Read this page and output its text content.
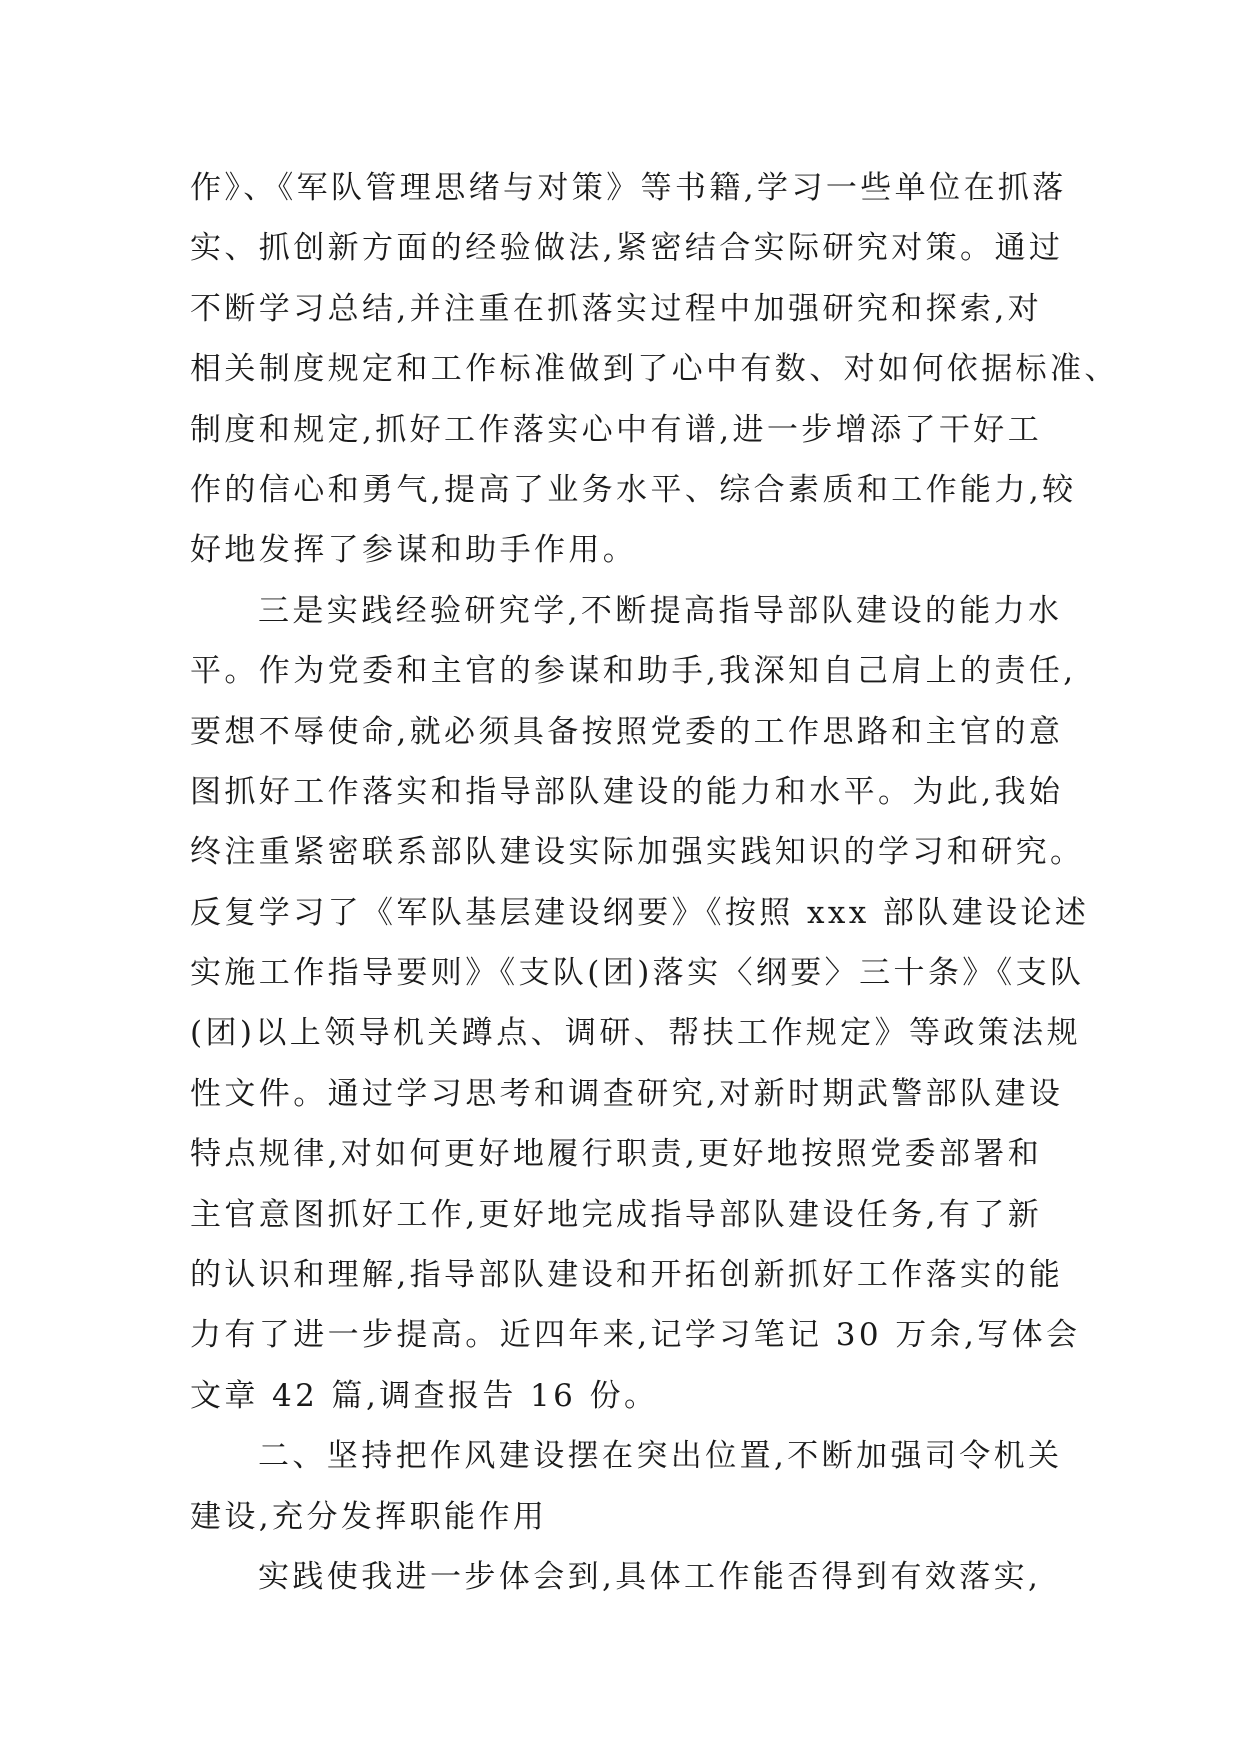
作》、《军队管理思绪与对策》等书籍,学习一些单位在抓落
实、抓创新方面的经验做法,紧密结合实际研究对策。通过
不断学习总结,并注重在抓落实过程中加强研究和探索,对
相关制度规定和工作标准做到了心中有数、对如何依据标准、
制度和规定,抓好工作落实心中有谱,进一步增添了干好工
作的信心和勇气,提高了业务水平、综合素质和工作能力,较
好地发挥了参谋和助手作用。
三是实践经验研究学,不断提高指导部队建设的能力水
平。作为党委和主官的参谋和助手,我深知自己肩上的责任,
要想不辱使命,就必须具备按照党委的工作思路和主官的意
图抓好工作落实和指导部队建设的能力和水平。为此,我始
终注重紧密联系部队建设实际加强实践知识的学习和研究。
反复学习了《军队基层建设纲要》《按照 xxx 部队建设论述
实施工作指导要则》《支队(团)落实〈纲要〉三十条》《支队
(团)以上领导机关蹲点、调研、帮扶工作规定》等政策法规
性文件。通过学习思考和调查研究,对新时期武警部队建设
特点规律,对如何更好地履行职责,更好地按照党委部署和
主官意图抓好工作,更好地完成指导部队建设任务,有了新
的认识和理解,指导部队建设和开拓创新抓好工作落实的能
力有了进一步提高。近四年来,记学习笔记 30 万余,写体会
文章 42 篇,调查报告 16 份。
二、坚持把作风建设摆在突出位置,不断加强司令机关
建设,充分发挥职能作用
实践使我进一步体会到,具体工作能否得到有效落实,
